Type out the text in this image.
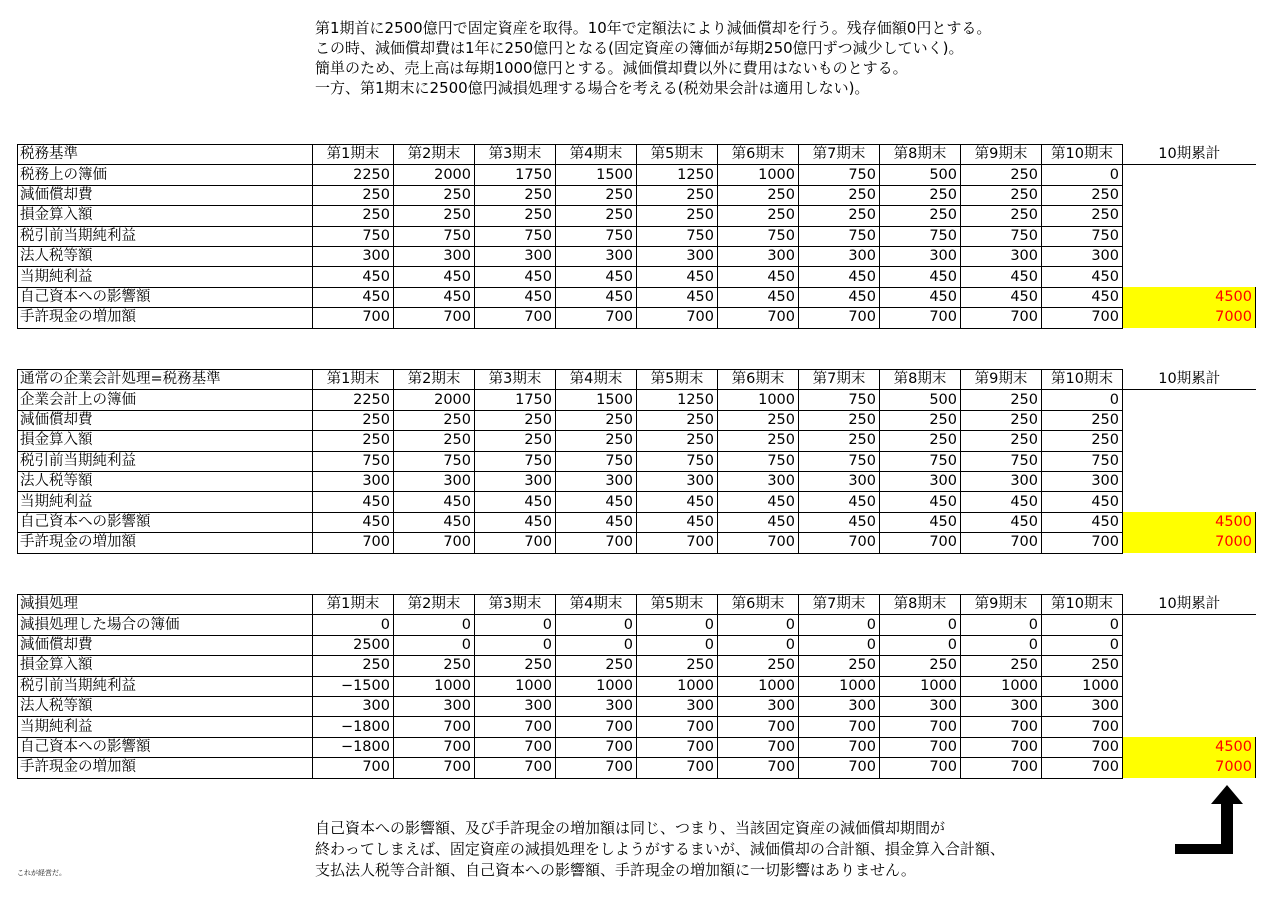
第1期首に2500億円で固定資産を取得。10年で定額法により減価償却を行う。残存価額0円とする。
この時、減価償却費は1年に250億円となる(固定資産の簿価が毎期250億円ずつ減少していく)。
簡単のため、売上高は毎期1000億円とする。減価償却費以外に費用はないものとする。
一方、第1期末に2500億円減損処理する場合を考える(税効果会計は適用しない)。
税務基準	第1期末	第2期末	第3期末	第4期末	第5期末	第6期末	第7期末	第8期末	第9期末	第10期末	10期累計
税務上の簿価	2250	2000	1750	1500	1250	1000	750	500	250	0	
減価償却費	250	250	250	250	250	250	250	250	250	250	
損金算入額	250	250	250	250	250	250	250	250	250	250	
税引前当期純利益	750	750	750	750	750	750	750	750	750	750	
法人税等額	300	300	300	300	300	300	300	300	300	300	
当期純利益	450	450	450	450	450	450	450	450	450	450	
自己資本への影響額	450	450	450	450	450	450	450	450	450	450	4500
手許現金の増加額	700	700	700	700	700	700	700	700	700	700	7000
通常の企業会計処理=税務基準	第1期末	第2期末	第3期末	第4期末	第5期末	第6期末	第7期末	第8期末	第9期末	第10期末	10期累計
企業会計上の簿価	2250	2000	1750	1500	1250	1000	750	500	250	0	
減価償却費	250	250	250	250	250	250	250	250	250	250	
損金算入額	250	250	250	250	250	250	250	250	250	250	
税引前当期純利益	750	750	750	750	750	750	750	750	750	750	
法人税等額	300	300	300	300	300	300	300	300	300	300	
当期純利益	450	450	450	450	450	450	450	450	450	450	
自己資本への影響額	450	450	450	450	450	450	450	450	450	450	4500
手許現金の増加額	700	700	700	700	700	700	700	700	700	700	7000
減損処理	第1期末	第2期末	第3期末	第4期末	第5期末	第6期末	第7期末	第8期末	第9期末	第10期末	10期累計
減損処理した場合の簿価	0	0	0	0	0	0	0	0	0	0	
減価償却費	2500	0	0	0	0	0	0	0	0	0	
損金算入額	250	250	250	250	250	250	250	250	250	250	
税引前当期純利益	−1500	1000	1000	1000	1000	1000	1000	1000	1000	1000	
法人税等額	300	300	300	300	300	300	300	300	300	300	
当期純利益	−1800	700	700	700	700	700	700	700	700	700	
自己資本への影響額	−1800	700	700	700	700	700	700	700	700	700	4500
手許現金の増加額	700	700	700	700	700	700	700	700	700	700	7000
自己資本への影響額、及び手許現金の増加額は同じ、つまり、当該固定資産の減価償却期間が
終わってしまえば、固定資産の減損処理をしようがするまいが、減価償却の合計額、損金算入合計額、
支払法人税等合計額、自己資本への影響額、手許現金の増加額に一切影響はありません。
これが経営だ。
